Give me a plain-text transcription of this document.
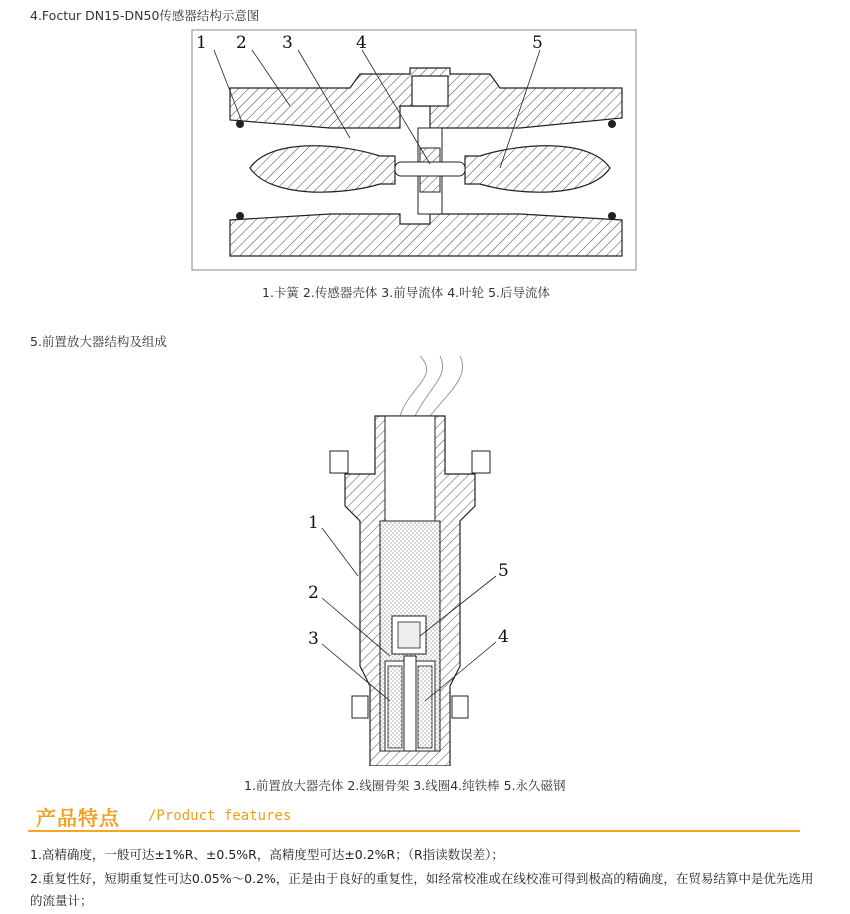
4.Foctur DN15-DN50传感器结构示意图
1 2 3	4	5
1.卡簧 2.传感器壳体 3.前导流体 4.叶轮 5.后导流体
5.前置放大器结构及组成
1
2
3	4
5
1.前置放大器壳体 2.线圈骨架 3.线圈4.纯铁棒 5.永久磁钢
产品特点 /Product features
1.高精确度，一般可达±1%R、±0.5%R，高精度型可达±0.2%R；（R指读数误差）；
2.重复性好，短期重复性可达0.05%～0.2%，正是由于良好的重复性，如经常校准或在线校准可得到极高的精确度，在贸易结算中是优先选用的流量计；
